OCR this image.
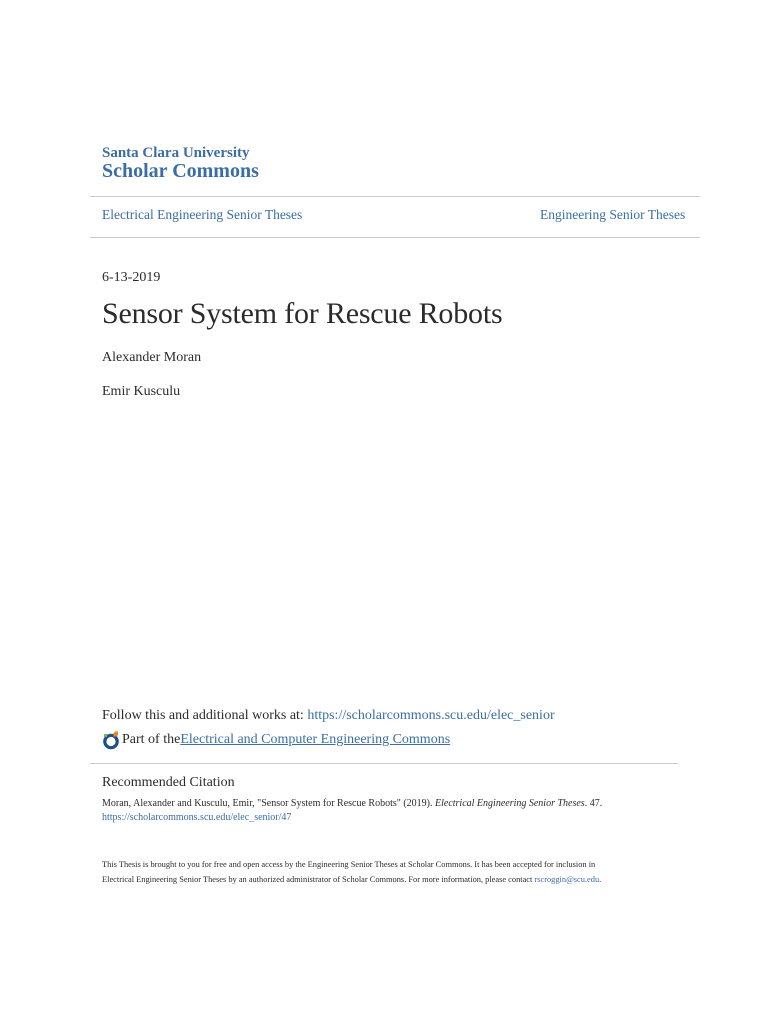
Santa Clara University
Scholar Commons
Electrical Engineering Senior Theses	Engineering Senior Theses
6-13-2019
Sensor System for Rescue Robots
Alexander Moran
Emir Kusculu
Follow this and additional works at: https://scholarcommons.scu.edu/elec_senior
Part of the Electrical and Computer Engineering Commons
Recommended Citation
Moran, Alexander and Kusculu, Emir, "Sensor System for Rescue Robots" (2019). Electrical Engineering Senior Theses. 47.
https://scholarcommons.scu.edu/elec_senior/47
This Thesis is brought to you for free and open access by the Engineering Senior Theses at Scholar Commons. It has been accepted for inclusion in
Electrical Engineering Senior Theses by an authorized administrator of Scholar Commons. For more information, please contact rscroggin@scu.edu.
